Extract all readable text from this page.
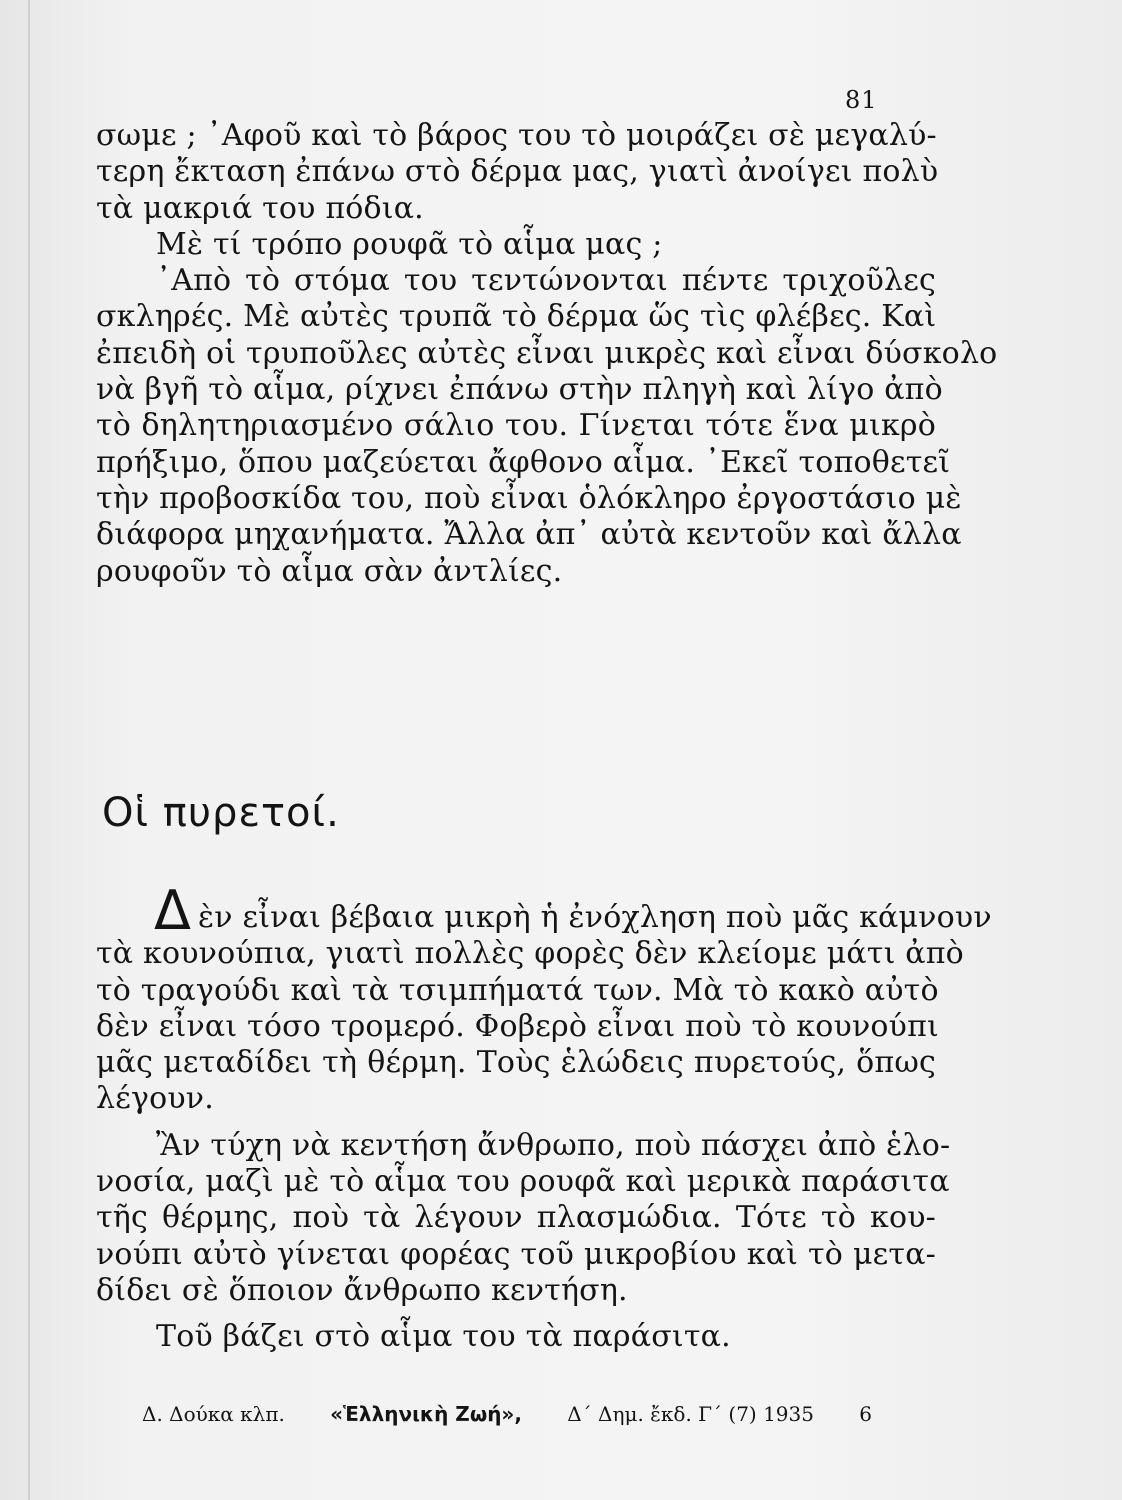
81
σωμε ; ᾿Αφοῦ καὶ τὸ βάρος του τὸ μοιράζει σὲ μεγαλύ-
τερη ἔκταση ἐπάνω στὸ δέρμα μας, γιατὶ ἀνοίγει πολὺ
τὰ μακριά του πόδια.
Μὲ τί τρόπο ρουφᾶ τὸ αἷμα μας ;
᾿Απὸ τὸ στόμα του τεντώνονται πέντε τριχοῦλες
σκληρές. Μὲ αὐτὲς τρυπᾶ τὸ δέρμα ὥς τὶς φλέβες. Καὶ
ἐπειδὴ οἱ τρυποῦλες αὐτὲς εἶναι μικρὲς καὶ εἶναι δύσκολο
νὰ βγῆ τὸ αἷμα, ρίχνει ἐπάνω στὴν πληγὴ καὶ λίγο ἀπὸ
τὸ δηλητηριασμένο σάλιο του. Γίνεται τότε ἕνα μικρὸ
πρήξιμο, ὅπου μαζεύεται ἄφθονο αἷμα. ᾿Εκεῖ τοποθετεῖ
τὴν προβοσκίδα του, ποὺ εἶναι ὁλόκληρο ἐργοστάσιο μὲ
διάφορα μηχανήματα. Ἄλλα ἀπ᾽ αὐτὰ κεντοῦν καὶ ἄλλα
ρουφοῦν τὸ αἷμα σὰν ἀντλίες.
Οἱ πυρετοί.
Δ ὲν εἶναι βέβαια μικρὴ ἡ ἐνόχληση ποὺ μᾶς κάμνουν
τὰ κουνούπια, γιατὶ πολλὲς φορὲς δὲν κλείομε μάτι ἀπὸ
τὸ τραγούδι καὶ τὰ τσιμπήματά των. Μὰ τὸ κακὸ αὐτὸ
δὲν εἶναι τόσο τρομερό. Φοβερὸ εἶναι ποὺ τὸ κουνούπι
μᾶς μεταδίδει τὴ θέρμη. Τοὺς ἑλώδεις πυρετούς, ὅπως
λέγουν.
Ἂν τύχη νὰ κεντήση ἄνθρωπο, ποὺ πάσχει ἀπὸ ἑλο-
νοσία, μαζὶ μὲ τὸ αἷμα του ρουφᾶ καὶ μερικὰ παράσιτα
τῆς θέρμης, ποὺ τὰ λέγουν πλασμώδια. Τότε τὸ κου-
νούπι αὐτὸ γίνεται φορέας τοῦ μικροβίου καὶ τὸ μετα-
δίδει σὲ ὅποιον ἄνθρωπο κεντήση.
Τοῦ βάζει στὸ αἷμα του τὰ παράσιτα.
Δ. Δούκα κλπ. «Ἑλληνικὴ Ζωή», Δ΄ Δημ. ἔκδ. Γ΄ (7) 1935 6
